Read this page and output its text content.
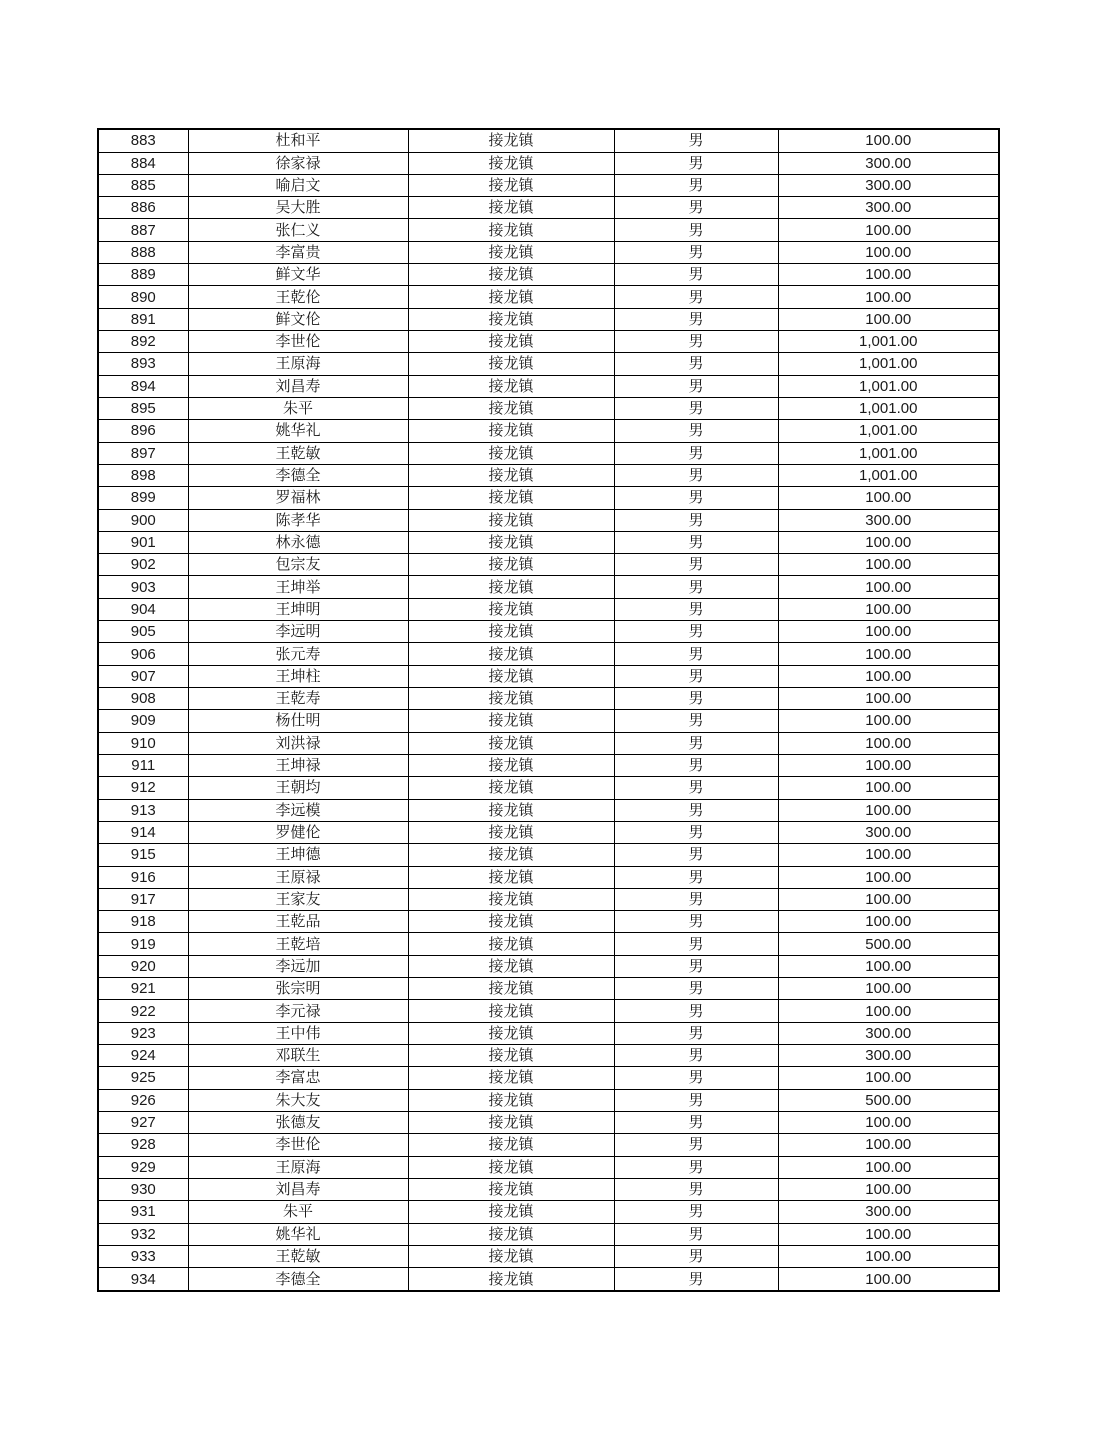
883	杜和平	接龙镇	男	100.00
884	徐家禄	接龙镇	男	300.00
885	喻启文	接龙镇	男	300.00
886	吴大胜	接龙镇	男	300.00
887	张仁义	接龙镇	男	100.00
888	李富贵	接龙镇	男	100.00
889	鲜文华	接龙镇	男	100.00
890	王乾伦	接龙镇	男	100.00
891	鲜文伦	接龙镇	男	100.00
892	李世伦	接龙镇	男	1,001.00
893	王原海	接龙镇	男	1,001.00
894	刘昌寿	接龙镇	男	1,001.00
895	朱平	接龙镇	男	1,001.00
896	姚华礼	接龙镇	男	1,001.00
897	王乾敏	接龙镇	男	1,001.00
898	李德全	接龙镇	男	1,001.00
899	罗福林	接龙镇	男	100.00
900	陈孝华	接龙镇	男	300.00
901	林永德	接龙镇	男	100.00
902	包宗友	接龙镇	男	100.00
903	王坤举	接龙镇	男	100.00
904	王坤明	接龙镇	男	100.00
905	李远明	接龙镇	男	100.00
906	张元寿	接龙镇	男	100.00
907	王坤柱	接龙镇	男	100.00
908	王乾寿	接龙镇	男	100.00
909	杨仕明	接龙镇	男	100.00
910	刘洪禄	接龙镇	男	100.00
911	王坤禄	接龙镇	男	100.00
912	王朝均	接龙镇	男	100.00
913	李远模	接龙镇	男	100.00
914	罗健伦	接龙镇	男	300.00
915	王坤德	接龙镇	男	100.00
916	王原禄	接龙镇	男	100.00
917	王家友	接龙镇	男	100.00
918	王乾品	接龙镇	男	100.00
919	王乾培	接龙镇	男	500.00
920	李远加	接龙镇	男	100.00
921	张宗明	接龙镇	男	100.00
922	李元禄	接龙镇	男	100.00
923	王中伟	接龙镇	男	300.00
924	邓联生	接龙镇	男	300.00
925	李富忠	接龙镇	男	100.00
926	朱大友	接龙镇	男	500.00
927	张德友	接龙镇	男	100.00
928	李世伦	接龙镇	男	100.00
929	王原海	接龙镇	男	100.00
930	刘昌寿	接龙镇	男	100.00
931	朱平	接龙镇	男	300.00
932	姚华礼	接龙镇	男	100.00
933	王乾敏	接龙镇	男	100.00
934	李德全	接龙镇	男	100.00
